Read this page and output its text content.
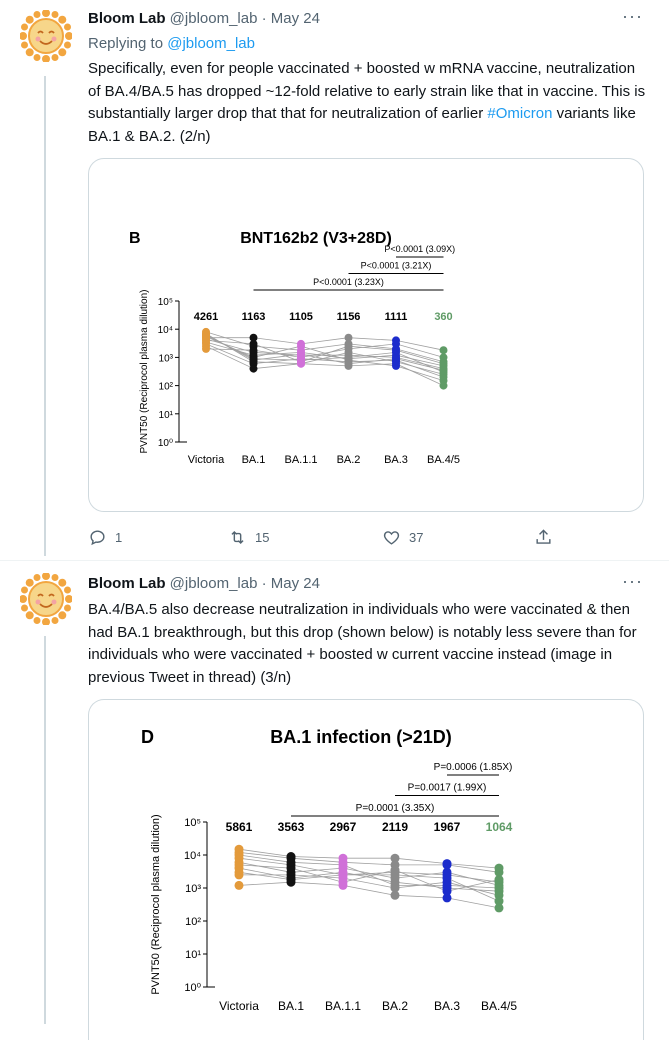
Bloom Lab @jbloom_lab · May 24	···
Replying to @jbloom_lab
Specifically, even for people vaccinated + boosted w mRNA vaccine, neutralization of BA.4/BA.5 has dropped ~12-fold relative to early strain like that in vaccine. This is substantially larger drop that that for neutralization of earlier #Omicron variants like BA.1 & BA.2. (2/n)
B	BNT162b2 (V3+28D)
10⁰
10¹
10²
10³
10⁴
10⁵
PVNT50 (Reciprocol plasma dilution)
Victoria
4261
BA.1
1163
BA.1.1
1105
BA.2
1156
BA.3
1111
BA.4/5
360
P<0.0001 (3.09X)
P<0.0001 (3.21X)
P<0.0001 (3.23X)
1	15	37
Bloom Lab @jbloom_lab · May 24	···
BA.4/BA.5 also decrease neutralization in individuals who were vaccinated & then had BA.1 breakthrough, but this drop (shown below) is notably less severe than for individuals who were vaccinated + boosted w current vaccine instead (image in previous Tweet in thread) (3/n)
D	BA.1 infection (>21D)
10⁰
10¹
10²
10³
10⁴
10⁵
PVNT50 (Reciprocol plasma dilution)
Victoria
5861
BA.1
3563
BA.1.1
2967
BA.2
2119
BA.3
1967
BA.4/5
1064
P=0.0006 (1.85X)
P=0.0017 (1.99X)
P=0.0001 (3.35X)
